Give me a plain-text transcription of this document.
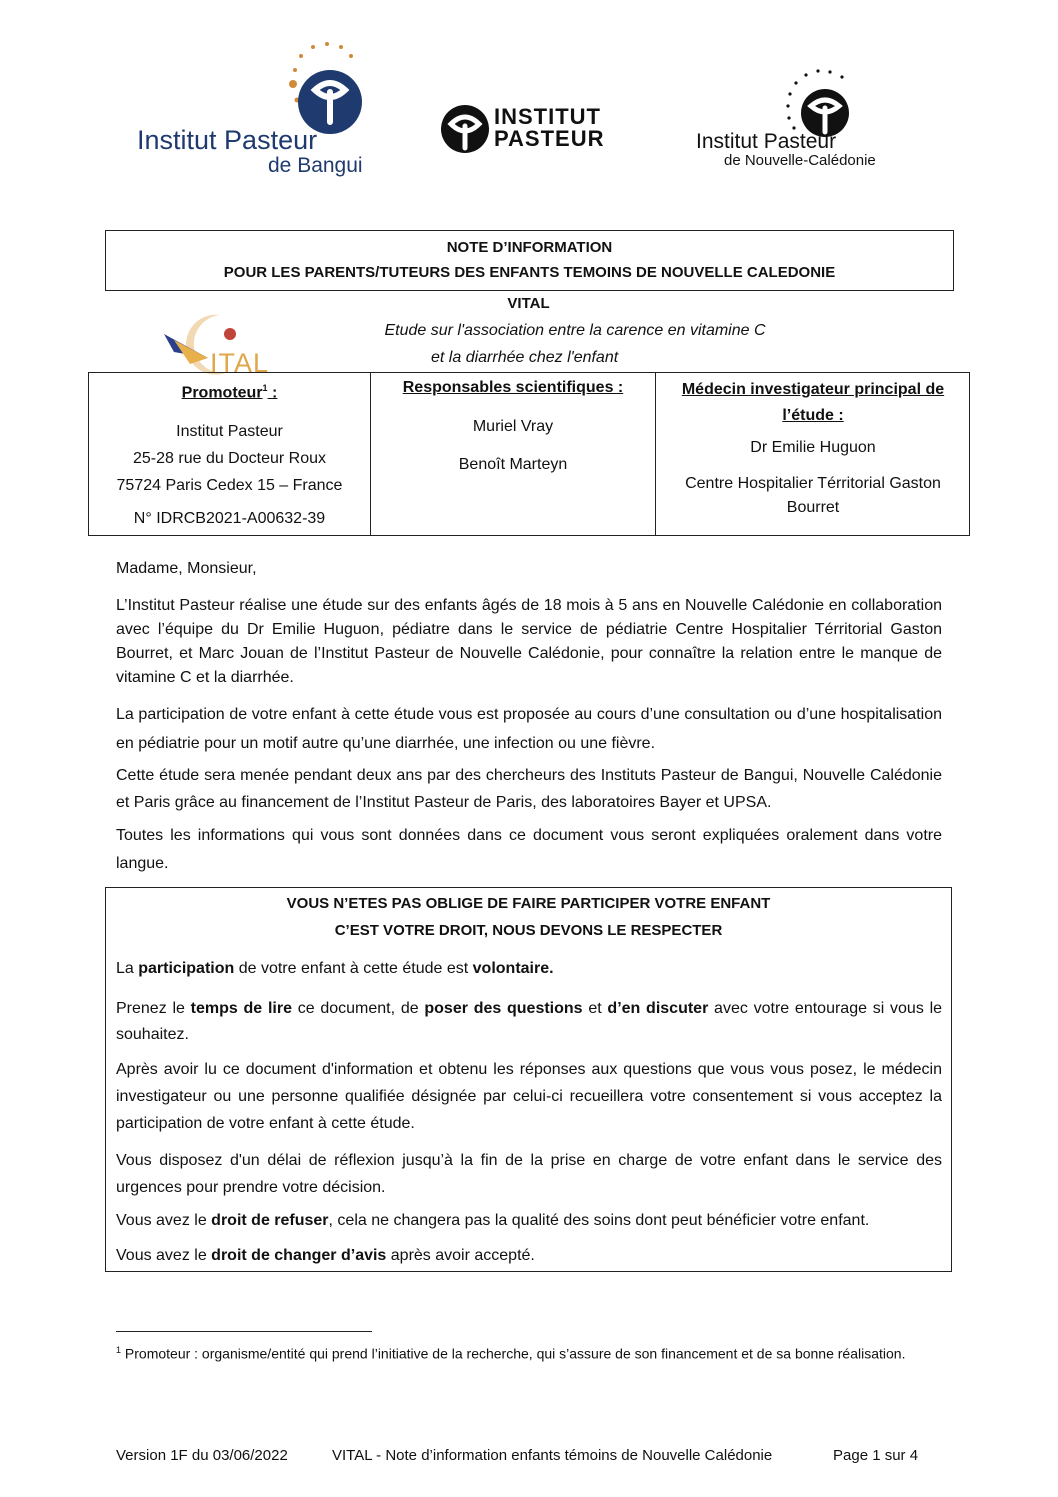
Institut Pasteur
de Bangui
INSTITUT
PASTEUR	Institut Pasteur
de Nouvelle-Calédonie
NOTE D’INFORMATION
POUR LES PARENTS/TUTEURS DES ENFANTS TEMOINS DE NOUVELLE CALEDONIE
VITAL
ITAL
Etude sur l'association entre la carence en vitamine C
et la diarrhée chez l'enfant
Promoteur$^1$ :
Institut Pasteur
25-28 rue du Docteur Roux
75724 Paris Cedex 15 – France
N° IDRCB2021-A00632-39
Responsables scientifiques :
Muriel Vray
Benoît Marteyn
Médecin investigateur principal de
l’étude :
Dr Emilie Huguon
Centre Hospitalier Térritorial Gaston
Bourret
Madame, Monsieur,
L’Institut Pasteur réalise une étude sur des enfants âgés de 18 mois à 5 ans en Nouvelle Calédonie en collaboration avec l’équipe du Dr Emilie Huguon, pédiatre dans le service de pédiatrie Centre Hospitalier Térritorial Gaston Bourret, et Marc Jouan de l’Institut Pasteur de Nouvelle Calédonie, pour connaître la relation entre le manque de vitamine C et la diarrhée.
La participation de votre enfant à cette étude vous est proposée au cours d’une consultation ou d’une hospitalisation en pédiatrie pour un motif autre qu’une diarrhée, une infection ou une fièvre.
Cette étude sera menée pendant deux ans par des chercheurs des Instituts Pasteur de Bangui, Nouvelle Calédonie et Paris grâce au financement de l’Institut Pasteur de Paris, des laboratoires Bayer et UPSA.
Toutes les informations qui vous sont données dans ce document vous seront expliquées oralement dans votre langue.
VOUS N’ETES PAS OBLIGE DE FAIRE PARTICIPER VOTRE ENFANT
C’EST VOTRE DROIT, NOUS DEVONS LE RESPECTER
La participation de votre enfant à cette étude est volontaire.
Prenez le temps de lire ce document, de poser des questions et d’en discuter avec votre entourage si vous le souhaitez.
Après avoir lu ce document d'information et obtenu les réponses aux questions que vous vous posez, le médecin investigateur ou une personne qualifiée désignée par celui-ci recueillera votre consentement si vous acceptez la participation de votre enfant à cette étude.
Vous disposez d'un délai de réflexion jusqu’à la fin de la prise en charge de votre enfant dans le service des urgences pour prendre votre décision.
Vous avez le droit de refuser, cela ne changera pas la qualité des soins dont peut bénéficier votre enfant.
Vous avez le droit de changer d’avis après avoir accepté.
$^1$ Promoteur : organisme/entité qui prend l’initiative de la recherche, qui s’assure de son financement et de sa bonne réalisation.
Version 1F du 03/06/2022	VITAL - Note d’information enfants témoins de Nouvelle Calédonie	Page 1 sur 4
